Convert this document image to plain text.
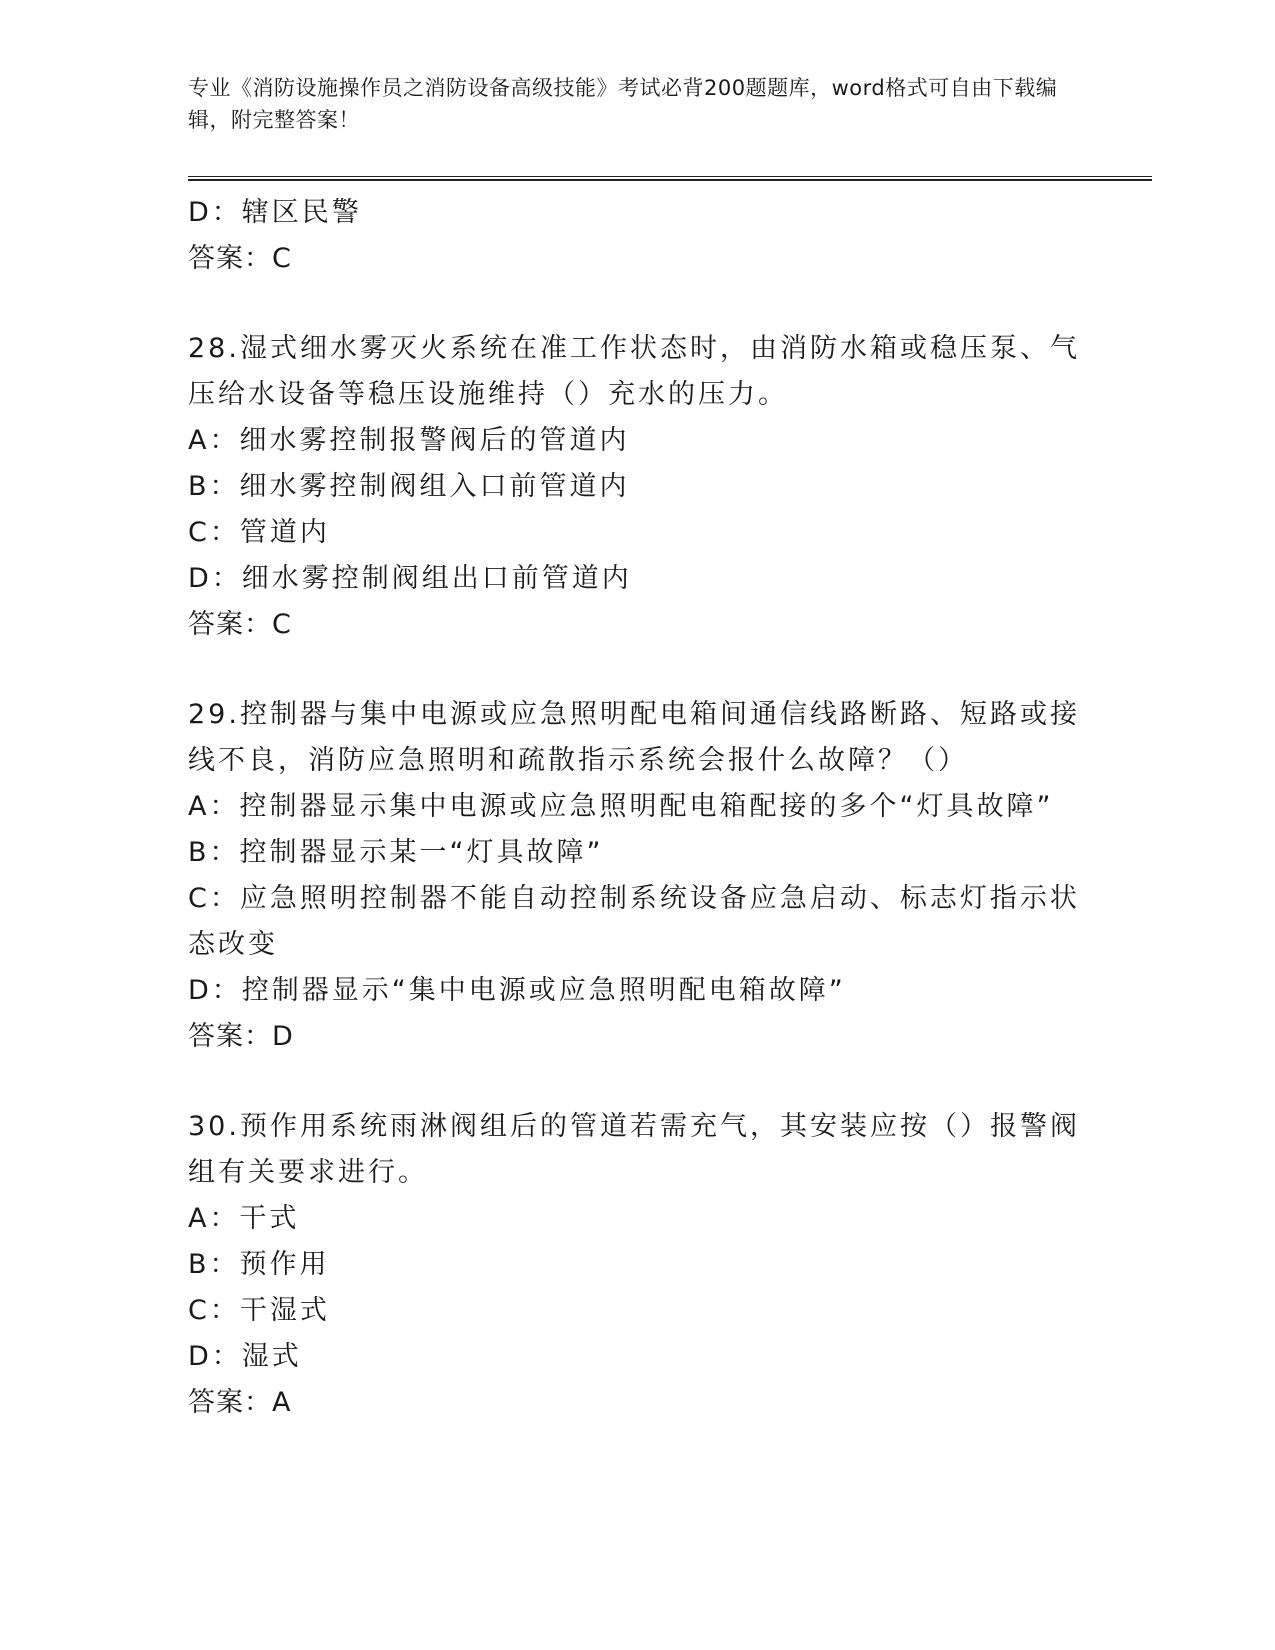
专业《消防设施操作员之消防设备高级技能》考试必背200题题库，word格式可自由下载编辑，附完整答案！

D：辖区民警

答案：C

28.湿式细水雾灭火系统在准工作状态时，由消防水箱或稳压泵、气压给水设备等稳压设施维持（）充水的压力。

A：细水雾控制报警阀后的管道内

B：细水雾控制阀组入口前管道内

C：管道内

D：细水雾控制阀组出口前管道内

答案：C

29.控制器与集中电源或应急照明配电箱间通信线路断路、短路或接线不良，消防应急照明和疏散指示系统会报什么故障？（）

A：控制器显示集中电源或应急照明配电箱配接的多个“灯具故障”

B：控制器显示某一“灯具故障”

C：应急照明控制器不能自动控制系统设备应急启动、标志灯指示状态改变

D：控制器显示“集中电源或应急照明配电箱故障”

答案：D

30.预作用系统雨淋阀组后的管道若需充气，其安装应按（）报警阀组有关要求进行。

A：干式

B：预作用

C：干湿式

D：湿式

答案：A
